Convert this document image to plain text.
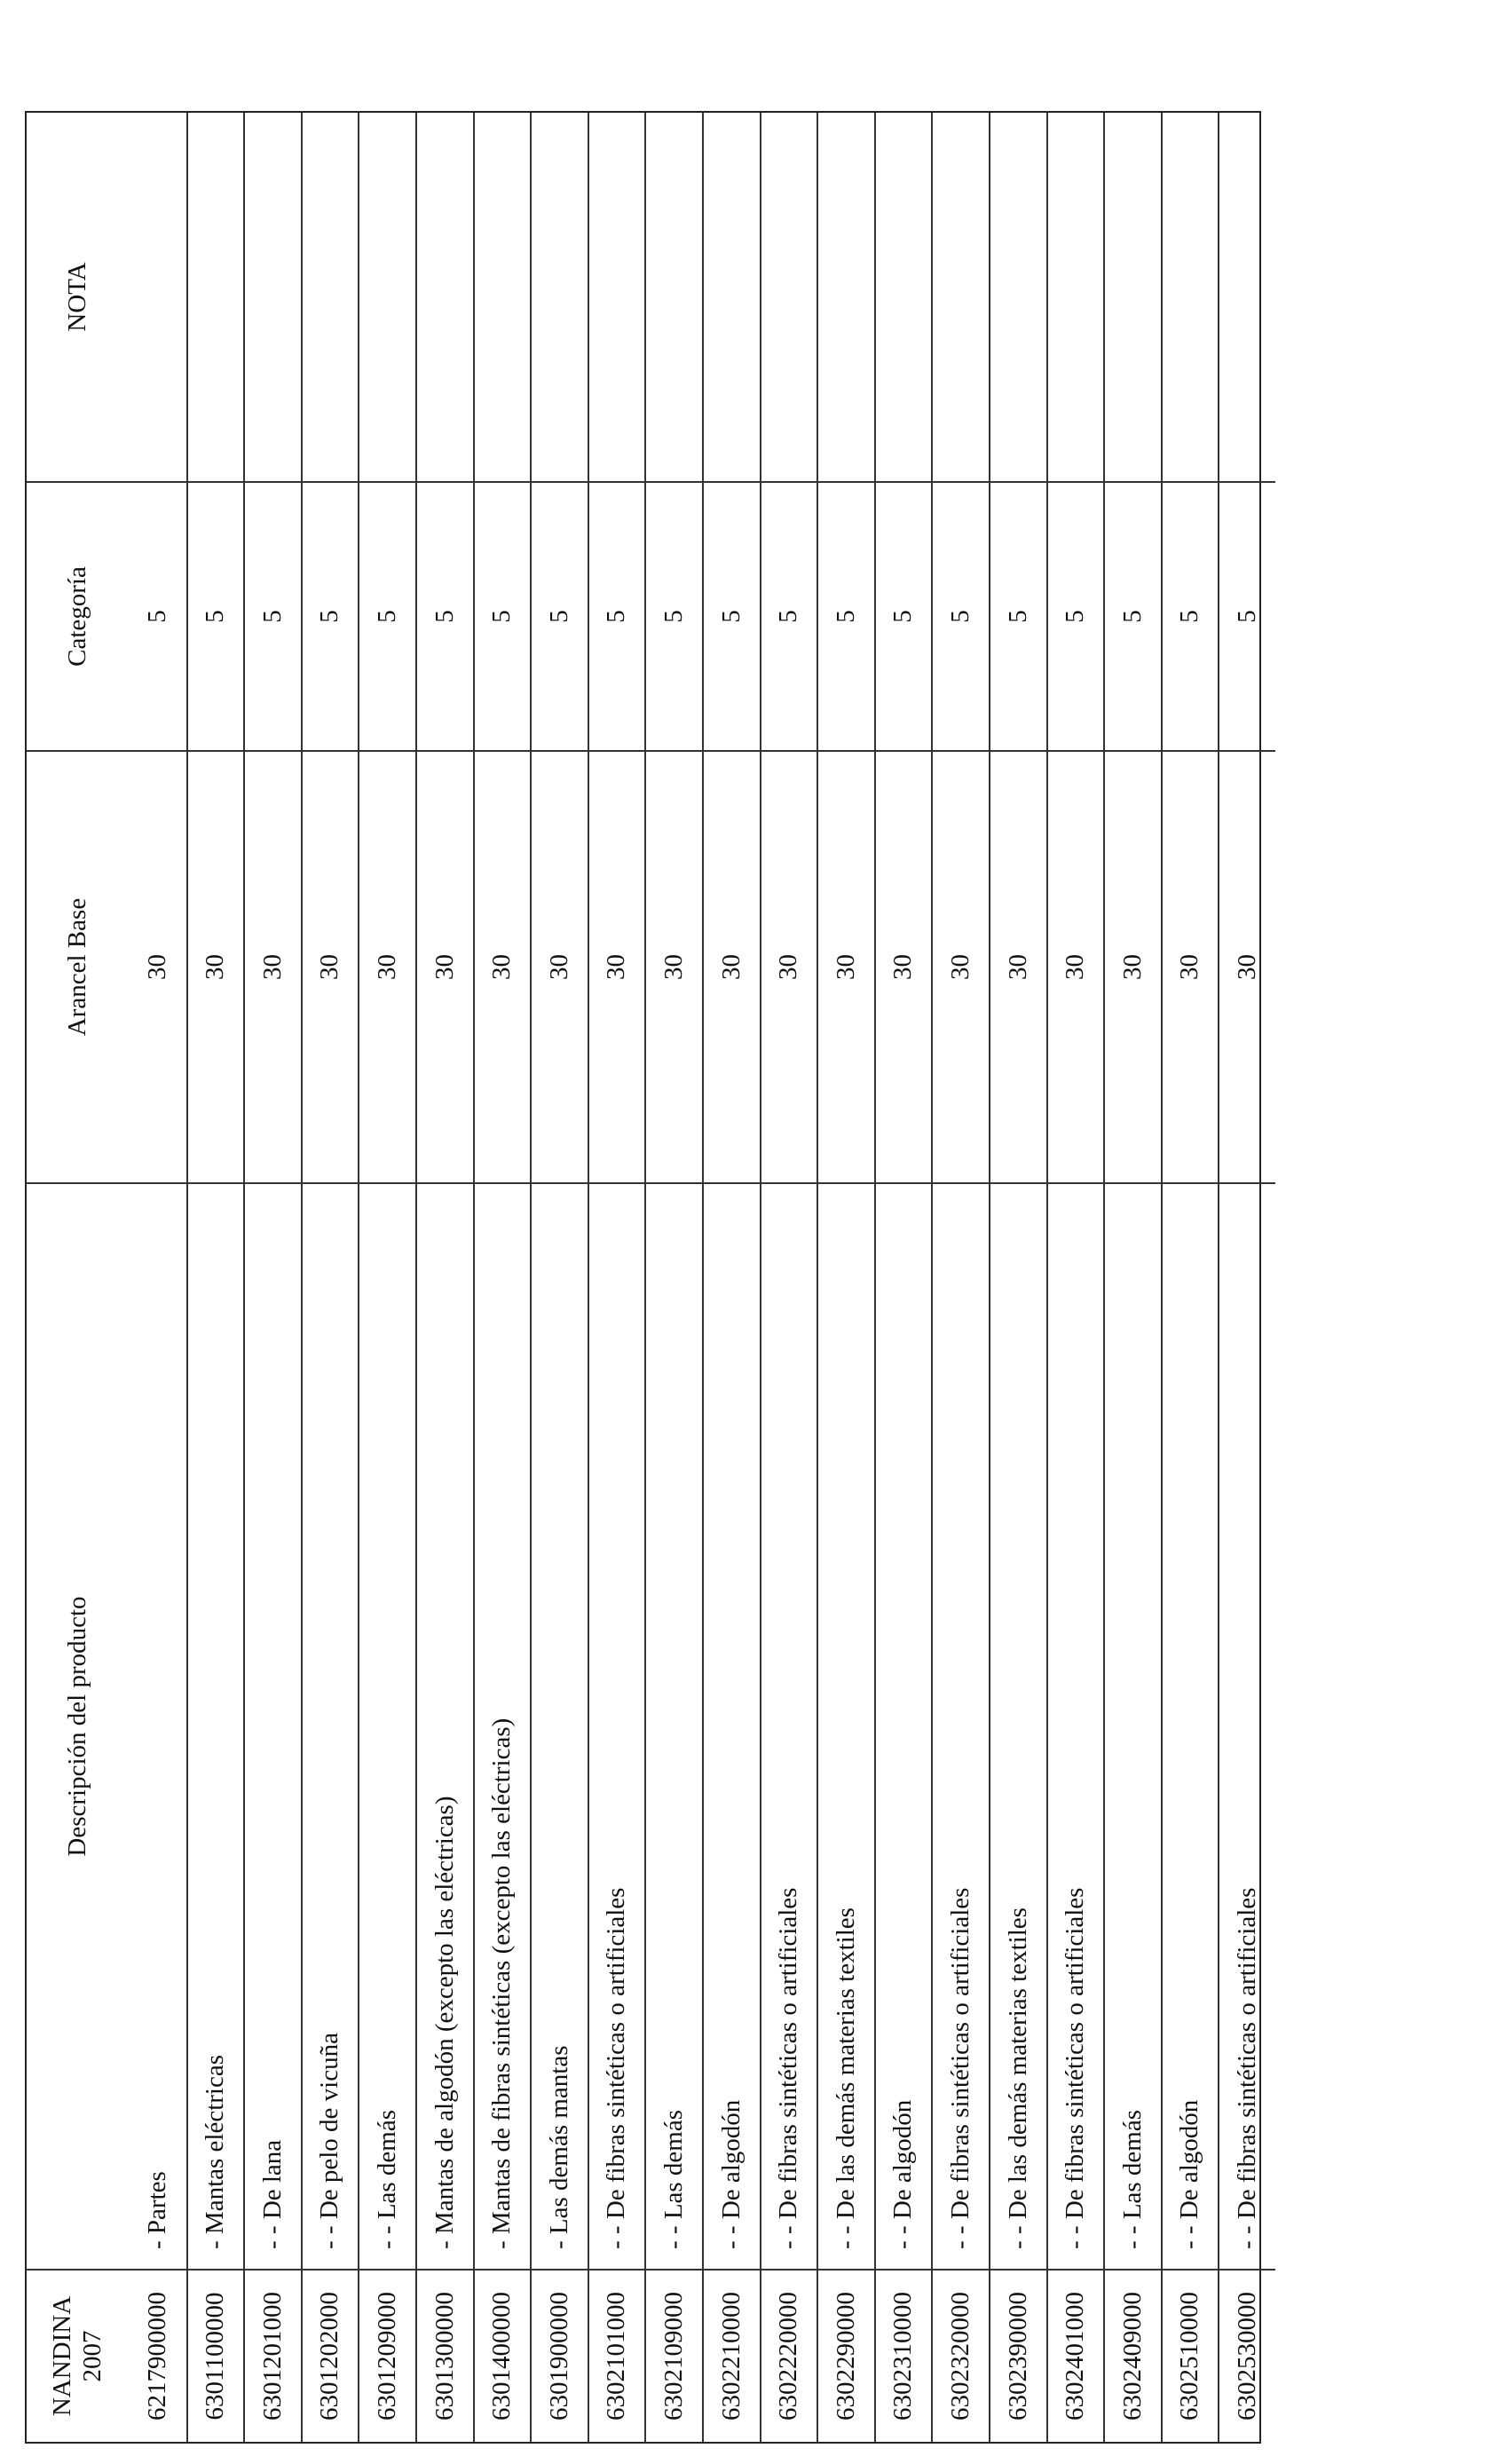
NANDINA 2007
Descripción del producto
Arancel Base
Categoría
NOTA
6217900000
- Partes
30
5
6301100000
- Mantas eléctricas
30
5
6301201000
- - De lana
30
5
6301202000
- - De pelo de vicuña
30
5
6301209000
- - Las demás
30
5
6301300000
- Mantas de algodón (excepto las eléctricas)
30
5
6301400000
- Mantas de fibras sintéticas (excepto las eléctricas)
30
5
6301900000
- Las demás mantas
30
5
6302101000
- - De fibras sintéticas o artificiales
30
5
6302109000
- - Las demás
30
5
6302210000
- - De algodón
30
5
6302220000
- - De fibras sintéticas o artificiales
30
5
6302290000
- - De las demás materias textiles
30
5
6302310000
- - De algodón
30
5
6302320000
- - De fibras sintéticas o artificiales
30
5
6302390000
- - De las demás materias textiles
30
5
6302401000
- - De fibras sintéticas o artificiales
30
5
6302409000
- - Las demás
30
5
6302510000
- - De algodón
30
5
6302530000
- - De fibras sintéticas o artificiales
30
5
